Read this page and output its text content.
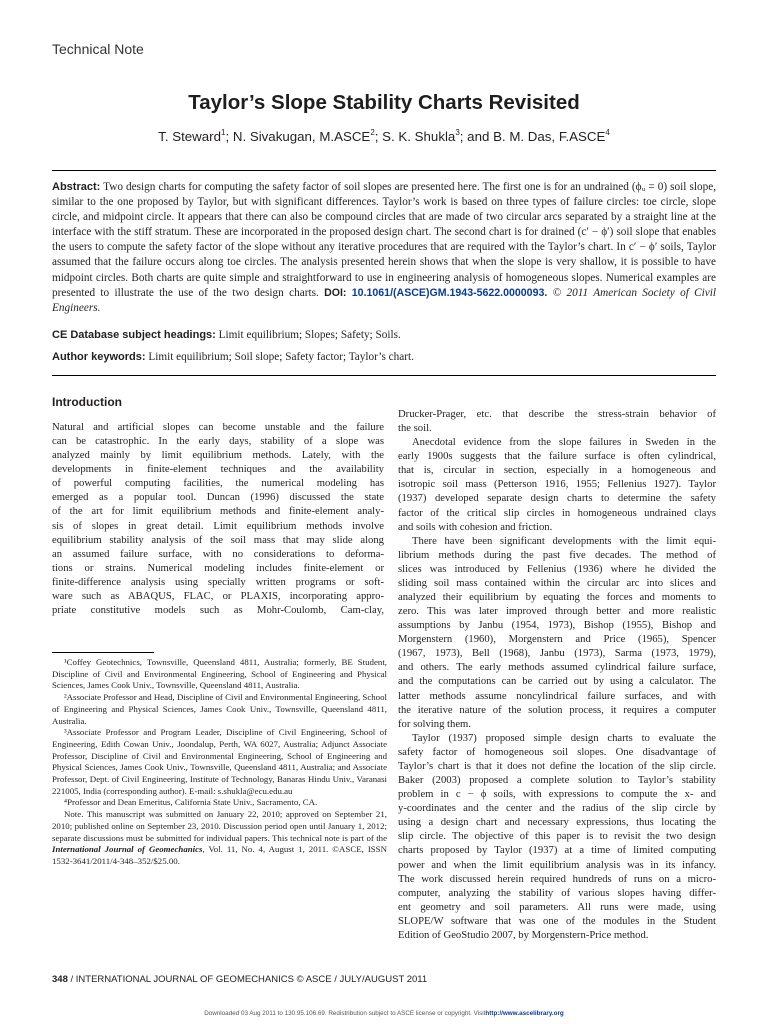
Technical Note
Taylor’s Slope Stability Charts Revisited
T. Steward$^1$; N. Sivakugan, M.ASCE$^2$; S. K. Shukla$^3$; and B. M. Das, F.ASCE$^4$
Abstract: Two design charts for computing the safety factor of soil slopes are presented here. The first one is for an undrained (ϕᵤ = 0) soil slope, similar to the one proposed by Taylor, but with significant differences. Taylor’s work is based on three types of failure circles: toe circle, slope circle, and midpoint circle. It appears that there can also be compound circles that are made of two circular arcs separated by a straight line at the interface with the stiff stratum. These are incorporated in the proposed design chart. The second chart is for drained (c′ − ϕ′) soil slope that enables the users to compute the safety factor of the slope without any iterative procedures that are required with the Taylor’s chart. In c′ − ϕ′ soils, Taylor assumed that the failure occurs along toe circles. The analysis presented herein shows that when the slope is very shallow, it is possible to have midpoint circles. Both charts are quite simple and straightforward to use in engineering analysis of homogeneous slopes. Numerical examples are presented to illustrate the use of the two design charts. DOI: 10.1061/(ASCE)GM.1943-5622.0000093. © 2011 American Society of Civil Engineers.
CE Database subject headings: Limit equilibrium; Slopes; Safety; Soils.
Author keywords: Limit equilibrium; Soil slope; Safety factor; Taylor’s chart.
Introduction
Natural and artificial slopes can become unstable and the failure
can be catastrophic. In the early days, stability of a slope was
analyzed mainly by limit equilibrium methods. Lately, with the
developments in finite-element techniques and the availability
of powerful computing facilities, the numerical modeling has
emerged as a popular tool. Duncan (1996) discussed the state
of the art for limit equilibrium methods and finite-element analy-
sis of slopes in great detail. Limit equilibrium methods involve
equilibrium stability analysis of the soil mass that may slide along
an assumed failure surface, with no considerations to deforma-
tions or strains. Numerical modeling includes finite-element or
finite-difference analysis using specially written programs or soft-
ware such as ABAQUS, FLAC, or PLAXIS, incorporating appro-
priate constitutive models such as Mohr-Coulomb, Cam-clay,

¹Coffey Geotechnics, Townsville, Queensland 4811, Australia; formerly, BE Student, Discipline of Civil and Environmental Engineering, School of Engineering and Physical Sciences, James Cook Univ., Townsville, Queensland 4811, Australia.

²Associate Professor and Head, Discipline of Civil and Environmental Engineering, School of Engineering and Physical Sciences, James Cook Univ., Townsville, Queensland 4811, Australia.

³Associate Professor and Program Leader, Discipline of Civil Engineering, School of Engineering, Edith Cowan Univ., Joondalup, Perth, WA 6027, Australia; Adjunct Associate Professor, Discipline of Civil and Environmental Engineering, School of Engineering and Physical Sciences, James Cook Univ., Townsville, Queensland 4811, Australia; and Associate Professor, Dept. of Civil Engineering, Institute of Technology, Banaras Hindu Univ., Varanasi 221005, India (corresponding author). E-mail: s.shukla@ecu.edu.au

⁴Professor and Dean Emeritus, California State Univ., Sacramento, CA.

Note. This manuscript was submitted on January 22, 2010; approved on September 21, 2010; published online on September 23, 2010. Discussion period open until January 1, 2012; separate discussions must be submitted for individual papers. This technical note is part of the International Journal of Geomechanics, Vol. 11, No. 4, August 1, 2011. ©ASCE, ISSN 1532-3641/2011/4-348–352/$25.00.

Drucker-Prager, etc. that describe the stress-strain behavior of
the soil.
Anecdotal evidence from the slope failures in Sweden in the
early 1900s suggests that the failure surface is often cylindrical,
that is, circular in section, especially in a homogeneous and
isotropic soil mass (Petterson 1916, 1955; Fellenius 1927). Taylor
(1937) developed separate design charts to determine the safety
factor of the critical slip circles in homogeneous undrained clays
and soils with cohesion and friction.
There have been significant developments with the limit equi-
librium methods during the past five decades. The method of
slices was introduced by Fellenius (1936) where he divided the
sliding soil mass contained within the circular arc into slices and
analyzed their equilibrium by equating the forces and moments to
zero. This was later improved through better and more realistic
assumptions by Janbu (1954, 1973), Bishop (1955), Bishop and
Morgenstern (1960), Morgenstern and Price (1965), Spencer
(1967, 1973), Bell (1968), Janbu (1973), Sarma (1973, 1979),
and others. The early methods assumed cylindrical failure surface,
and the computations can be carried out by using a calculator. The
latter methods assume noncylindrical failure surfaces, and with
the iterative nature of the solution process, it requires a computer
for solving them.
Taylor (1937) proposed simple design charts to evaluate the
safety factor of homogeneous soil slopes. One disadvantage of
Taylor’s chart is that it does not define the location of the slip circle.
Baker (2003) proposed a complete solution to Taylor’s stability
problem in c − ϕ soils, with expressions to compute the x- and
y-coordinates and the center and the radius of the slip circle by
using a design chart and necessary expressions, thus locating the
slip circle. The objective of this paper is to revisit the two design
charts proposed by Taylor (1937) at a time of limited computing
power and when the limit equilibrium analysis was in its infancy.
The work discussed herein required hundreds of runs on a micro-
computer, analyzing the stability of various slopes having differ-
ent geometry and soil parameters. All runs were made, using
SLOPE/W software that was one of the modules in the Student
Edition of GeoStudio 2007, by Morgenstern-Price method.
348 / INTERNATIONAL JOURNAL OF GEOMECHANICS © ASCE / JULY/AUGUST 2011
Downloaded 03 Aug 2011 to 130.95.106.69. Redistribution subject to ASCE license or copyright. Visithttp://www.ascelibrary.org
